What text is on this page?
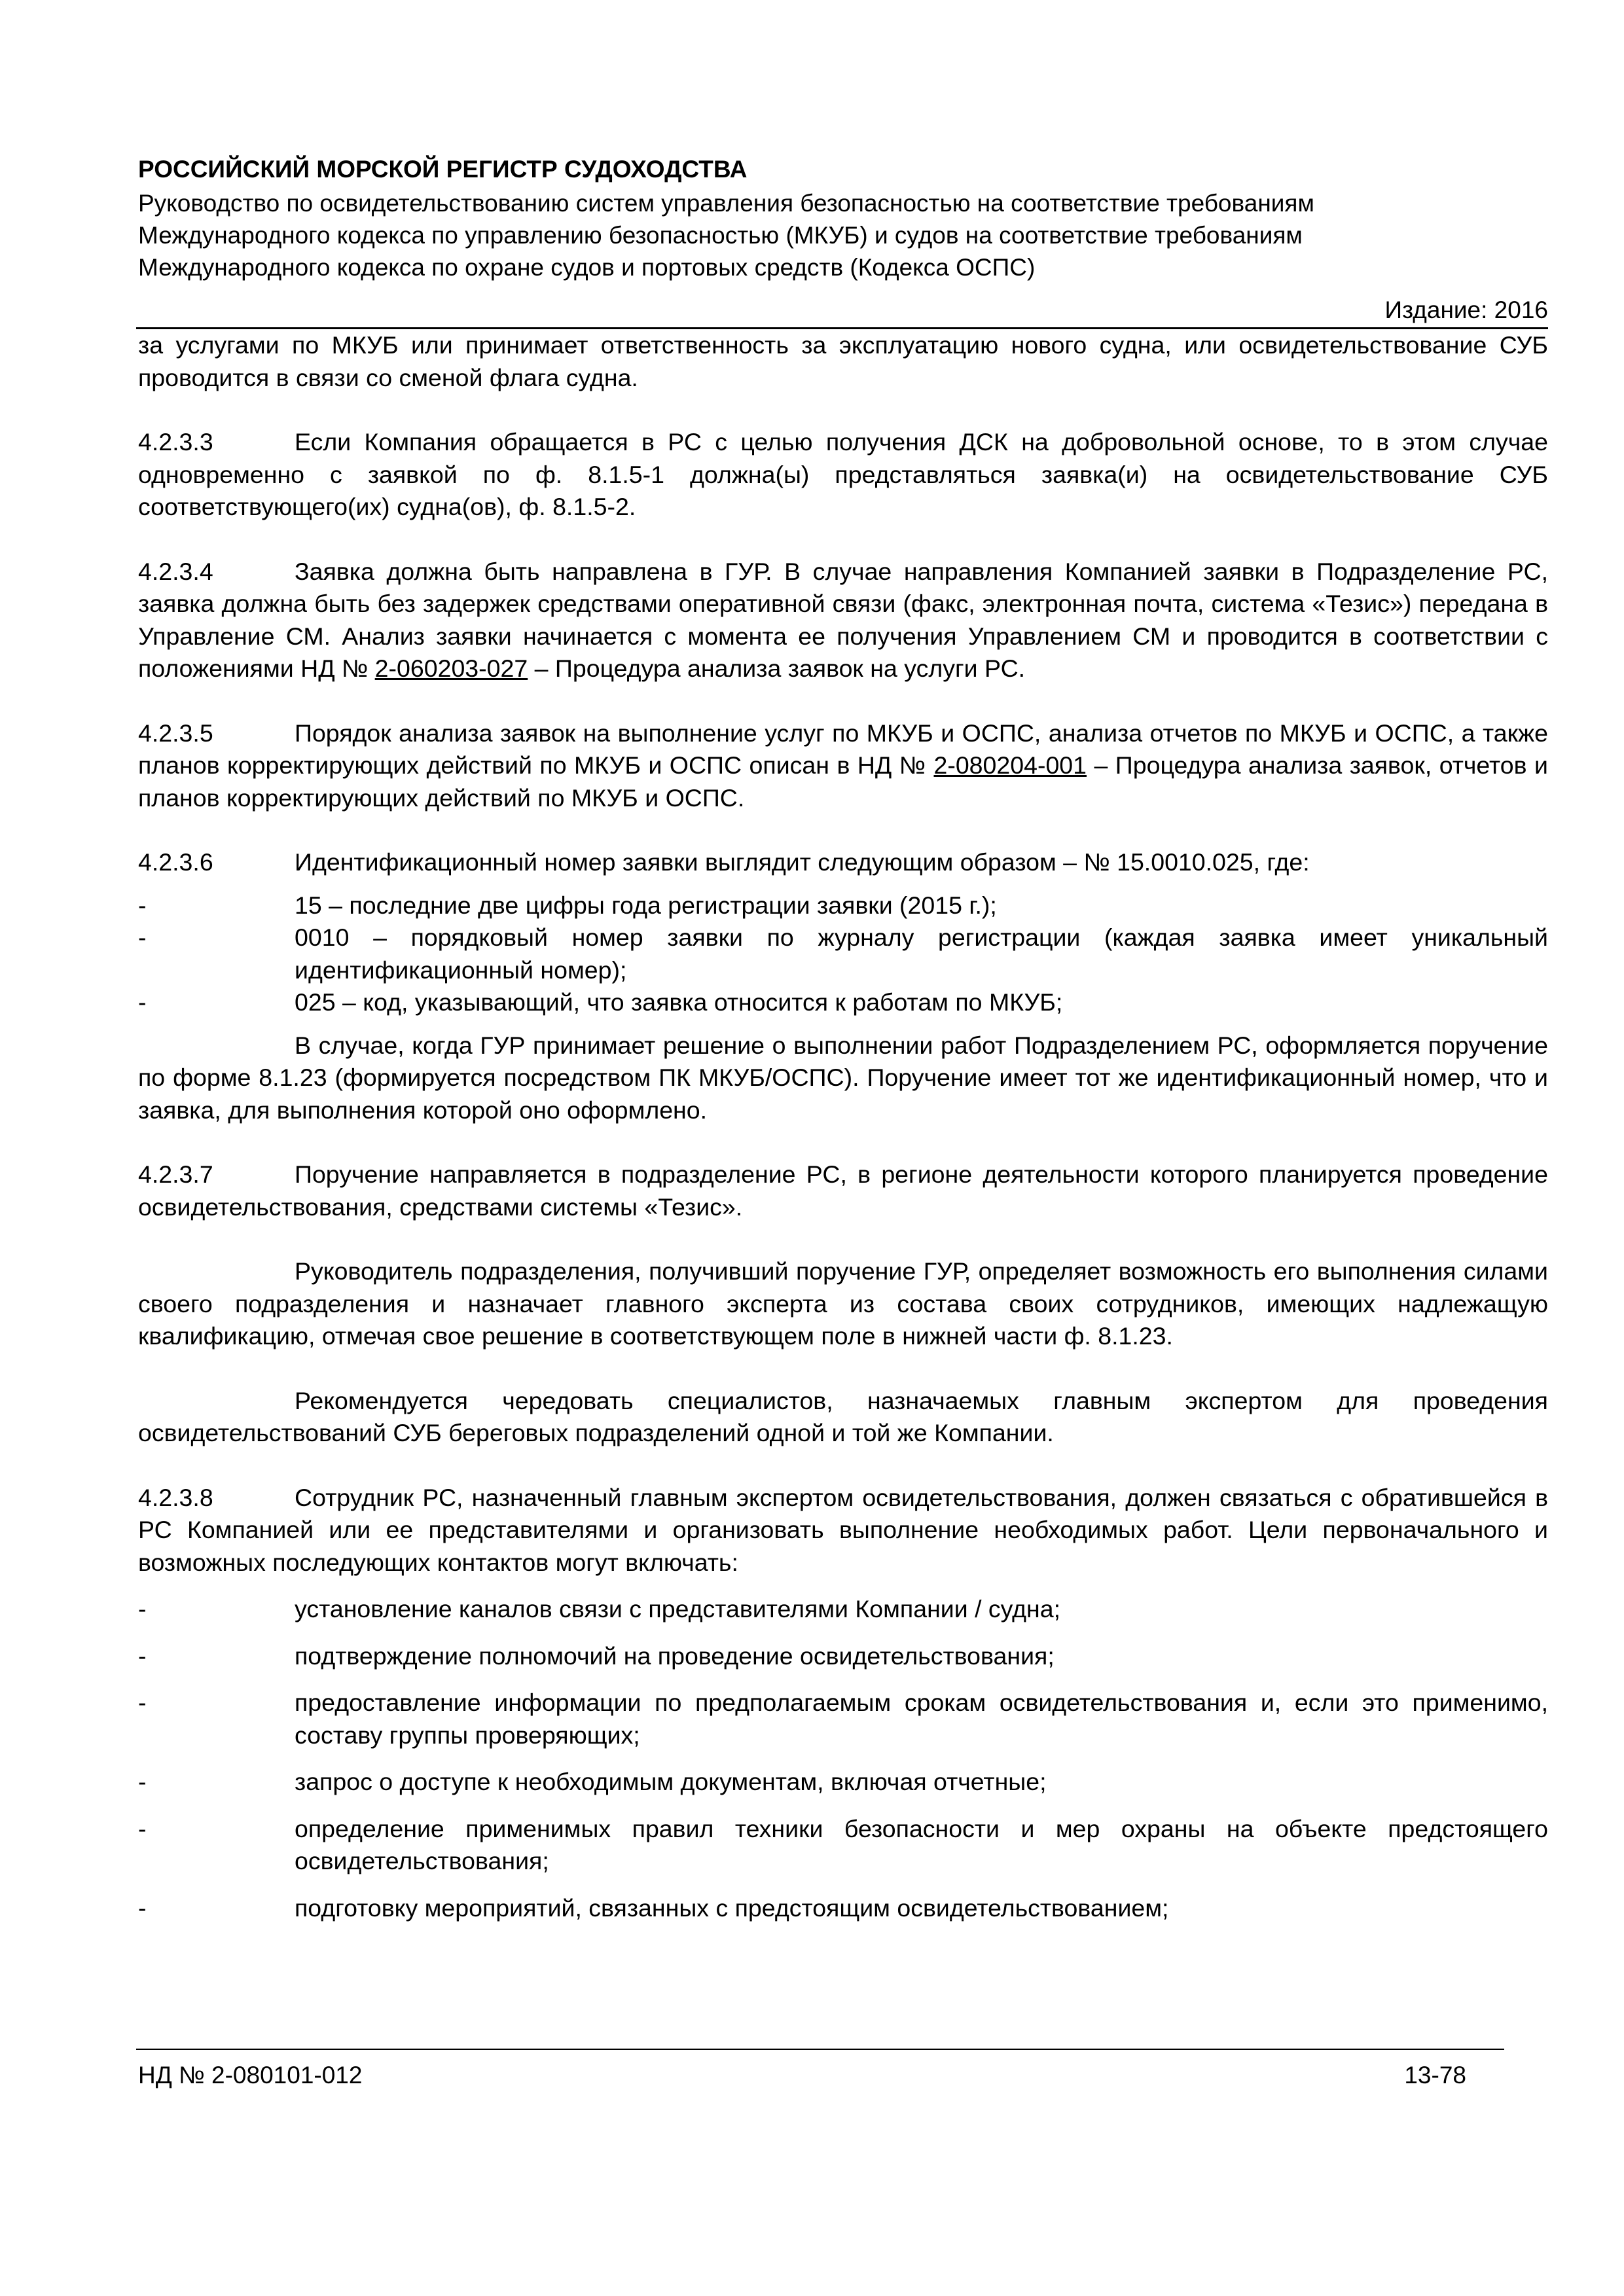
РОССИЙСКИЙ МОРСКОЙ РЕГИСТР СУДОХОДСТВА
Руководство по освидетельствованию систем управления безопасностью на соответствие требованиям
Международного кодекса по управлению безопасностью (МКУБ) и судов на соответствие требованиям
Международного кодекса по охране судов и портовых средств (Кодекса ОСПС)
Издание: 2016

за услугами по МКУБ или принимает ответственность за эксплуатацию нового судна, или освидетельствование СУБ проводится в связи со сменой флага судна.

4.2.3.3	Если Компания обращается в РС с целью получения ДСК на добровольной основе, то в этом случае одновременно с заявкой по ф. 8.1.5-1 должна(ы) представляться заявка(и) на освидетельствование СУБ соответствующего(их) судна(ов), ф. 8.1.5-2.

4.2.3.4	Заявка должна быть направлена в ГУР. В случае направления Компанией заявки в Подразделение РС, заявка должна быть без задержек средствами оперативной связи (факс, электронная почта, система «Тезис») передана в Управление СМ. Анализ заявки начинается с момента ее получения Управлением СМ и проводится в соответствии с положениями НД № 2-060203-027 – Процедура анализа заявок на услуги РС.

4.2.3.5	Порядок анализа заявок на выполнение услуг по МКУБ и ОСПС, анализа отчетов по МКУБ и ОСПС, а также планов корректирующих действий по МКУБ и ОСПС описан в НД № 2-080204-001 – Процедура анализа заявок, отчетов и планов корректирующих действий по МКУБ и ОСПС.

4.2.3.6	Идентификационный номер заявки выглядит следующим образом – № 15.0010.025, где:

-	15 – последние две цифры года регистрации заявки (2015 г.);
-	0010 – порядковый номер заявки по журналу регистрации (каждая заявка имеет уникальный идентификационный номер);
-	025 – код, указывающий, что заявка относится к работам по МКУБ;

В случае, когда ГУР принимает решение о выполнении работ Подразделением РС, оформляется поручение по форме 8.1.23 (формируется посредством ПК МКУБ/ОСПС). Поручение имеет тот же идентификационный номер, что и заявка, для выполнения которой оно оформлено.

4.2.3.7	Поручение направляется в подразделение РС, в регионе деятельности которого планируется проведение освидетельствования, средствами системы «Тезис».

Руководитель подразделения, получивший поручение ГУР, определяет возможность его выполнения силами своего подразделения и назначает главного эксперта из состава своих сотрудников, имеющих надлежащую квалификацию, отмечая свое решение в соответствующем поле в нижней части ф. 8.1.23.

Рекомендуется чередовать специалистов, назначаемых главным экспертом для проведения освидетельствований СУБ береговых подразделений одной и той же Компании.

4.2.3.8	Сотрудник РС, назначенный главным экспертом освидетельствования, должен связаться с обратившейся в РС Компанией или ее представителями и организовать выполнение необходимых работ. Цели первоначального и возможных последующих контактов могут включать:

-	установление каналов связи с представителями Компании / судна;
-	подтверждение полномочий на проведение освидетельствования;
-	предоставление информации по предполагаемым срокам освидетельствования и, если это применимо, составу группы проверяющих;
-	запрос о доступе к необходимым документам, включая отчетные;
-	определение применимых правил техники безопасности и мер охраны на объекте предстоящего освидетельствования;
-	подготовку мероприятий, связанных с предстоящим освидетельствованием;
НД № 2-080101-012	13-78
